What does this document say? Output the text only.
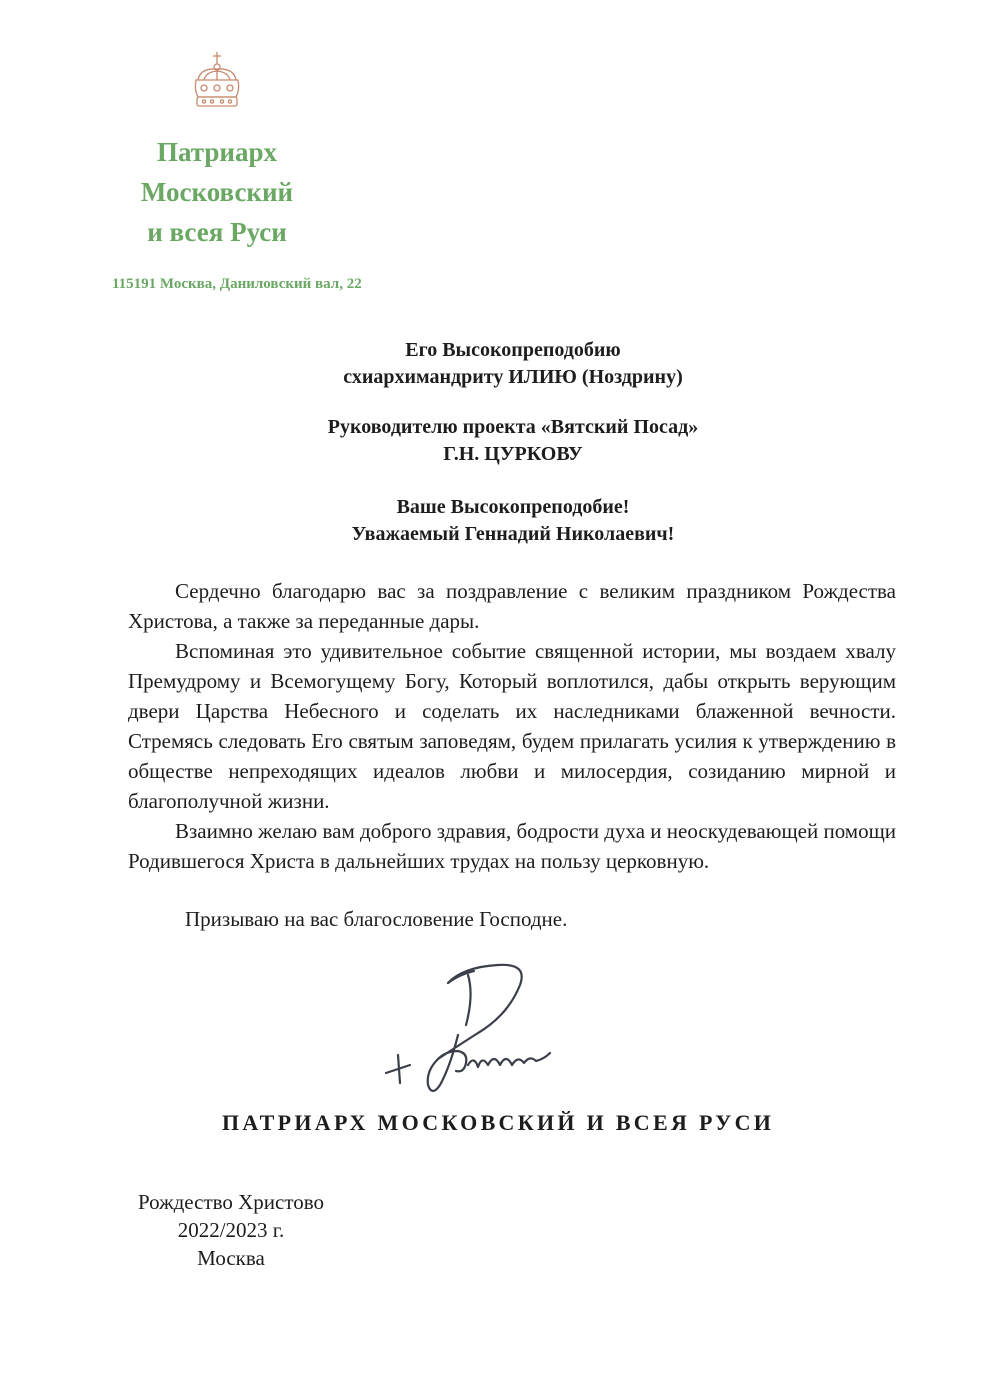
Патриарх
Московский
и всея Руси
115191 Москва, Даниловский вал, 22
Его Высокопреподобию
схиархимандриту ИЛИЮ (Ноздрину)
Руководителю проекта «Вятский Посад»
Г.Н. ЦУРКОВУ
Ваше Высокопреподобие!
Уважаемый Геннадий Николаевич!

Сердечно благодарю вас за поздравление с великим праздником Рождества Христова, а также за переданные дары.

Вспоминая это удивительное событие священной истории, мы воздаем хвалу Премудрому и Всемогущему Богу, Который воплотился, дабы открыть верующим двери Царства Небесного и соделать их наследниками блаженной вечности. Стремясь следовать Его святым заповедям, будем прилагать усилия к утверждению в обществе непреходящих идеалов любви и милосердия, созиданию мирной и благополучной жизни.

Взаимно желаю вам доброго здравия, бодрости духа и неоскудевающей помощи Родившегося Христа в дальнейших трудах на пользу церковную.

Призываю на вас благословение Господне.
ПАТРИАРХ МОСКОВСКИЙ И ВСЕЯ РУСИ
Рождество Христово
2022/2023 г.
Москва
